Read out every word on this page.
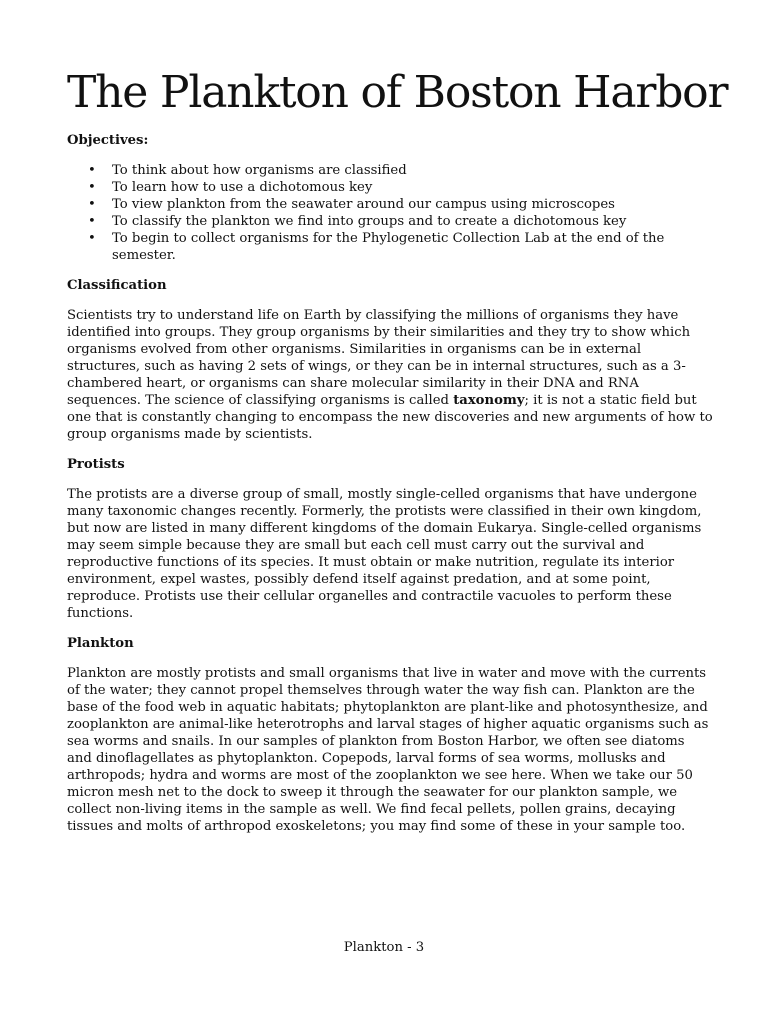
The Plankton of Boston Harbor

Objectives:

• To think about how organisms are classified
• To learn how to use a dichotomous key
• To view plankton from the seawater around our campus using microscopes
• To classify the plankton we find into groups and to create a dichotomous key
• To begin to collect organisms for the Phylogenetic Collection Lab at the end of the semester.

Classification

Scientists try to understand life on Earth by classifying the millions of organisms they have identified into groups. They group organisms by their similarities and they try to show which organisms evolved from other organisms. Similarities in organisms can be in external structures, such as having 2 sets of wings, or they can be in internal structures, such as a 3-chambered heart, or organisms can share molecular similarity in their DNA and RNA sequences. The science of classifying organisms is called taxonomy; it is not a static field but one that is constantly changing to encompass the new discoveries and new arguments of how to group organisms made by scientists.

Protists

The protists are a diverse group of small, mostly single-celled organisms that have undergone many taxonomic changes recently. Formerly, the protists were classified in their own kingdom, but now are listed in many different kingdoms of the domain Eukarya. Single-celled organisms may seem simple because they are small but each cell must carry out the survival and reproductive functions of its species. It must obtain or make nutrition, regulate its interior environment, expel wastes, possibly defend itself against predation, and at some point, reproduce. Protists use their cellular organelles and contractile vacuoles to perform these functions.

Plankton

Plankton are mostly protists and small organisms that live in water and move with the currents of the water; they cannot propel themselves through water the way fish can. Plankton are the base of the food web in aquatic habitats; phytoplankton are plant-like and photosynthesize, and zooplankton are animal-like heterotrophs and larval stages of higher aquatic organisms such as sea worms and snails. In our samples of plankton from Boston Harbor, we often see diatoms and dinoflagellates as phytoplankton. Copepods, larval forms of sea worms, mollusks and arthropods; hydra and worms are most of the zooplankton we see here. When we take our 50 micron mesh net to the dock to sweep it through the seawater for our plankton sample, we collect non-living items in the sample as well. We find fecal pellets, pollen grains, decaying tissues and molts of arthropod exoskeletons; you may find some of these in your sample too.

Plankton - 3
